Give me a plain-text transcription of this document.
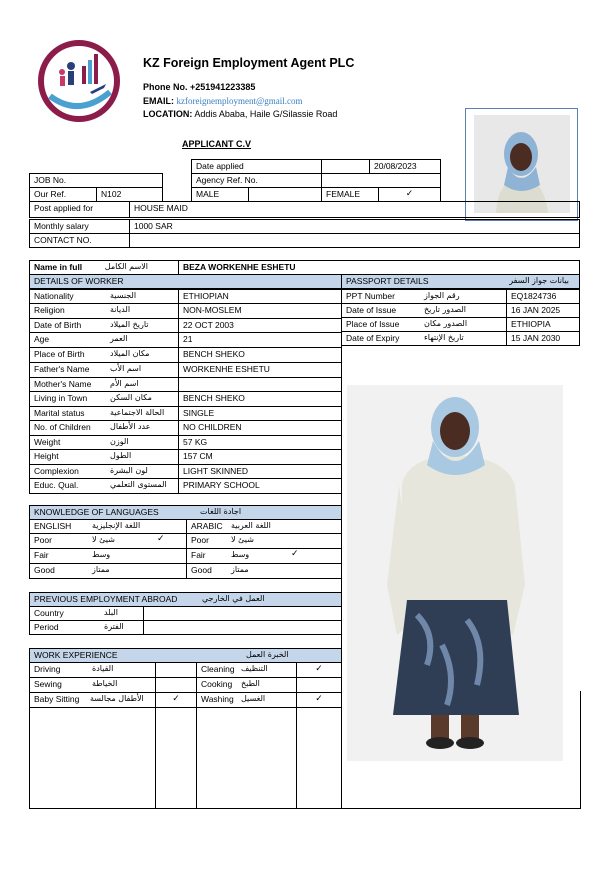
KZ Foreign Employment Agent PLC
Phone No. +251941223385
EMAIL: kzforeignemployment@gmail.com
LOCATION: Addis Ababa, Haile G/Silassie Road
APPLICANT C.V
Date applied	20/08/2023
JOB No.	Agency Ref. No.
Our Ref.	N102	MALE	FEMALE	✓
Post applied for	HOUSE MAID
Monthly salary	1000 SAR
CONTACT NO.
Name in full	الاسم الكامل	BEZA WORKENHE ESHETU
DETAILS OF WORKER
Nationality	الجنسية	ETHIOPIAN
Religion	الديانة	NON-MOSLEM
Date of Birth	تاريخ الميلاد	22 OCT 2003
Age	العمر	21
Place of Birth	مكان الميلاد	BENCH SHEKO
Father's Name	اسم الأب	WORKENHE ESHETU
Mother's Name اسم الأم
Living in Town	مكان السكن	BENCH SHEKO
Marital status	الحالة الاجتماعية	SINGLE
No. of Children عدد الأطفال	NO CHILDREN
Weight	الوزن	57 KG
Height	الطول	157 CM
Complexion	لون البشرة	LIGHT SKINNED
Educ. Qual.	المستوى التعلمي	PRIMARY SCHOOL
PASSPORT DETAILS	بيانات جواز السفر
PPT Number	رقم الجواز	EQ1824736
Date of Issue	الصدور تاريخ	16 JAN 2025
Place of Issue	الصدور مكان	ETHIOPIA
Date of Expiry	تاريخ الإنتهاء	15 JAN 2030
KNOWLEDGE OF LANGUAGES	اجادة اللغات
ENGLISH	اللغة الإنجليزية	ARABIC اللغة العربية
Poor	شيئ لا	✓	Poor	شيئ لا
Fair	وسط	Fair	وسط	✓
Good	ممتاز	Good ممتاز
PREVIOUS EMPLOYMENT ABROAD	العمل في الخارجي
Country	البلد
Period	الفترة
WORK EXPERIENCE	الخبرة العمل
Driving	القيادة	Cleaning التنظيف	✓
Sewing	الخياطة	Cooking الطبخ
Baby Sitting الأطفال مجالسة	✓	Washing الغسيل	✓
